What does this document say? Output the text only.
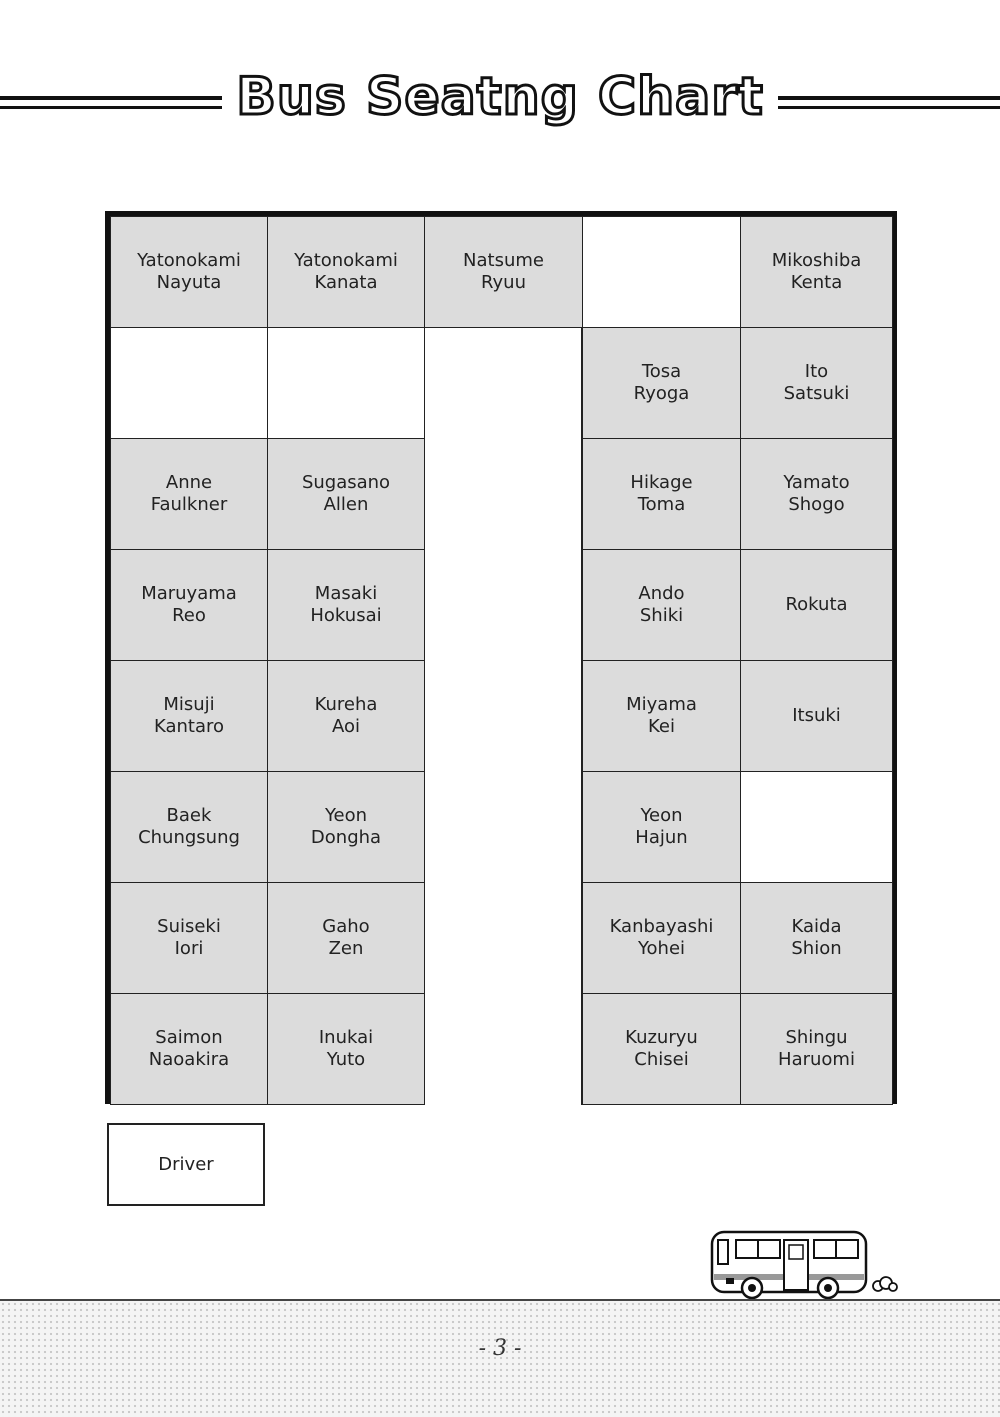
Bus Seatng Chart
Yatonokami
Nayuta
Yatonokami
Kanata
Natsume
Ryuu
Mikoshiba
Kenta
Tosa
Ryoga
Ito
Satsuki
Anne
Faulkner
Sugasano
Allen
Hikage
Toma
Yamato
Shogo
Maruyama
Reo
Masaki
Hokusai
Ando
Shiki
Rokuta
Misuji
Kantaro
Kureha
Aoi
Miyama
Kei
Itsuki
Baek
Chungsung
Yeon
Dongha
Yeon
Hajun
Suiseki
Iori
Gaho
Zen
Kanbayashi
Yohei
Kaida
Shion
Saimon
Naoakira
Inukai
Yuto
Kuzuryu
Chisei
Shingu
Haruomi
Driver
- 3 -
